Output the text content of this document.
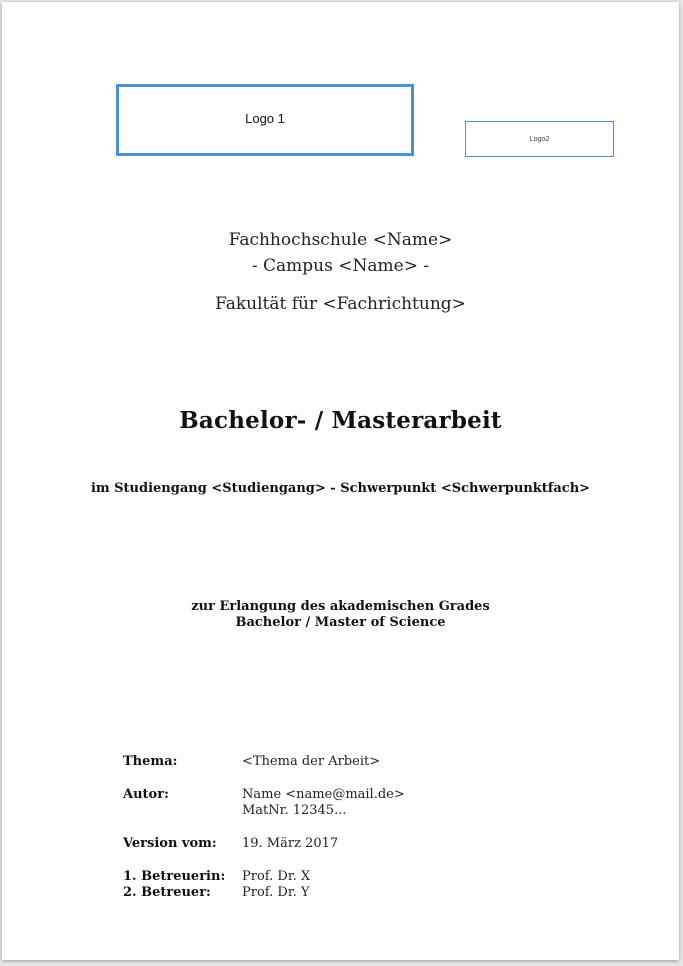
Logo 1
Logo2
Fachhochschule <Name>
- Campus <Name> -
Fakultät für <Fachrichtung>
Bachelor- / Masterarbeit
im Studiengang <Studiengang> - Schwerpunkt <Schwerpunktfach>
zur Erlangung des akademischen Grades
Bachelor / Master of Science
Thema:	<Thema der Arbeit>
Autor:	Name <name@mail.de>
MatNr. 12345...
Version vom: 19. März 2017
1. Betreuerin: Prof. Dr. X
2. Betreuer: Prof. Dr. Y
